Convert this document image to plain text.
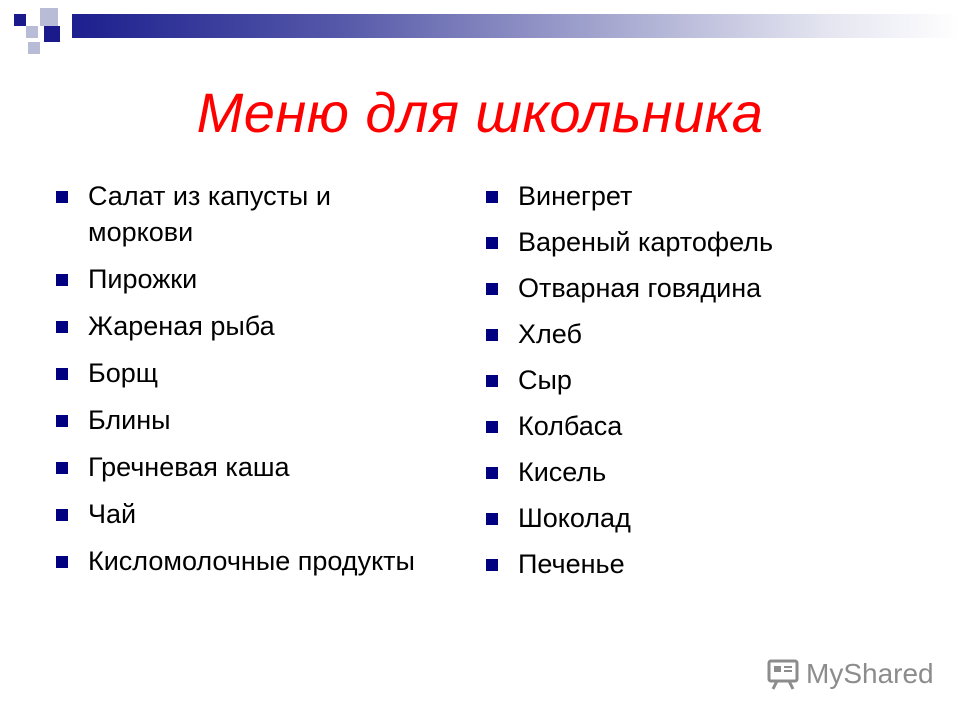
Меню для школьника
Салат из капусты и моркови
Пирожки
Жареная рыба
Борщ
Блины
Гречневая каша
Чай
Кисломолочные продукты
Винегрет
Вареный картофель
Отварная говядина
Хлеб
Сыр
Колбаса
Кисель
Шоколад
Печенье
MyShared
